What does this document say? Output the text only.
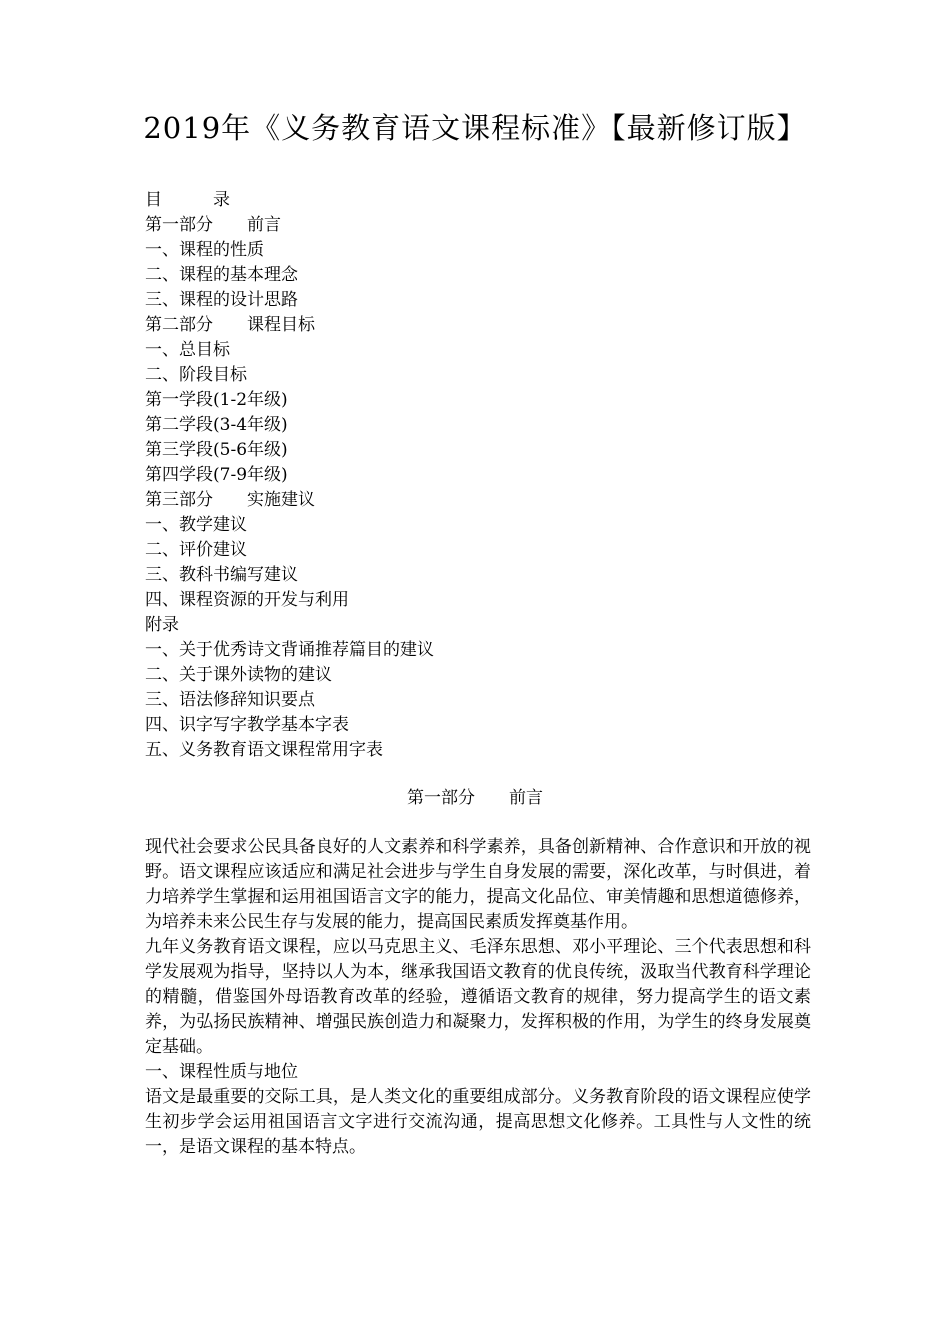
2019年《义务教育语文课程标准》【最新修订版】
目　　　录
第一部分　　前言
一、课程的性质
二、课程的基本理念
三、课程的设计思路
第二部分　　课程目标
一、总目标
二、阶段目标
第一学段(1-2年级)
第二学段(3-4年级)
第三学段(5-6年级)
第四学段(7-9年级)
第三部分　　实施建议
一、教学建议
二、评价建议
三、教科书编写建议
四、课程资源的开发与利用
附录
一、关于优秀诗文背诵推荐篇目的建议
二、关于课外读物的建议
三、语法修辞知识要点
四、识字写字教学基本字表
五、义务教育语文课程常用字表
第一部分　　前言

现代社会要求公民具备良好的人文素养和科学素养，具备创新精神、合作意识和开放的视野。语文课程应该适应和满足社会进步与学生自身发展的需要，深化改革，与时俱进，着力培养学生掌握和运用祖国语言文字的能力，提高文化品位、审美情趣和思想道德修养，为培养未来公民生存与发展的能力，提高国民素质发挥奠基作用。

九年义务教育语文课程，应以马克思主义、毛泽东思想、邓小平理论、三个代表思想和科学发展观为指导，坚持以人为本，继承我国语文教育的优良传统，汲取当代教育科学理论的精髓，借鉴国外母语教育改革的经验，遵循语文教育的规律，努力提高学生的语文素养，为弘扬民族精神、增强民族创造力和凝聚力，发挥积极的作用，为学生的终身发展奠定基础。

一、课程性质与地位

语文是最重要的交际工具，是人类文化的重要组成部分。义务教育阶段的语文课程应使学生初步学会运用祖国语言文字进行交流沟通，提高思想文化修养。工具性与人文性的统一，是语文课程的基本特点。
